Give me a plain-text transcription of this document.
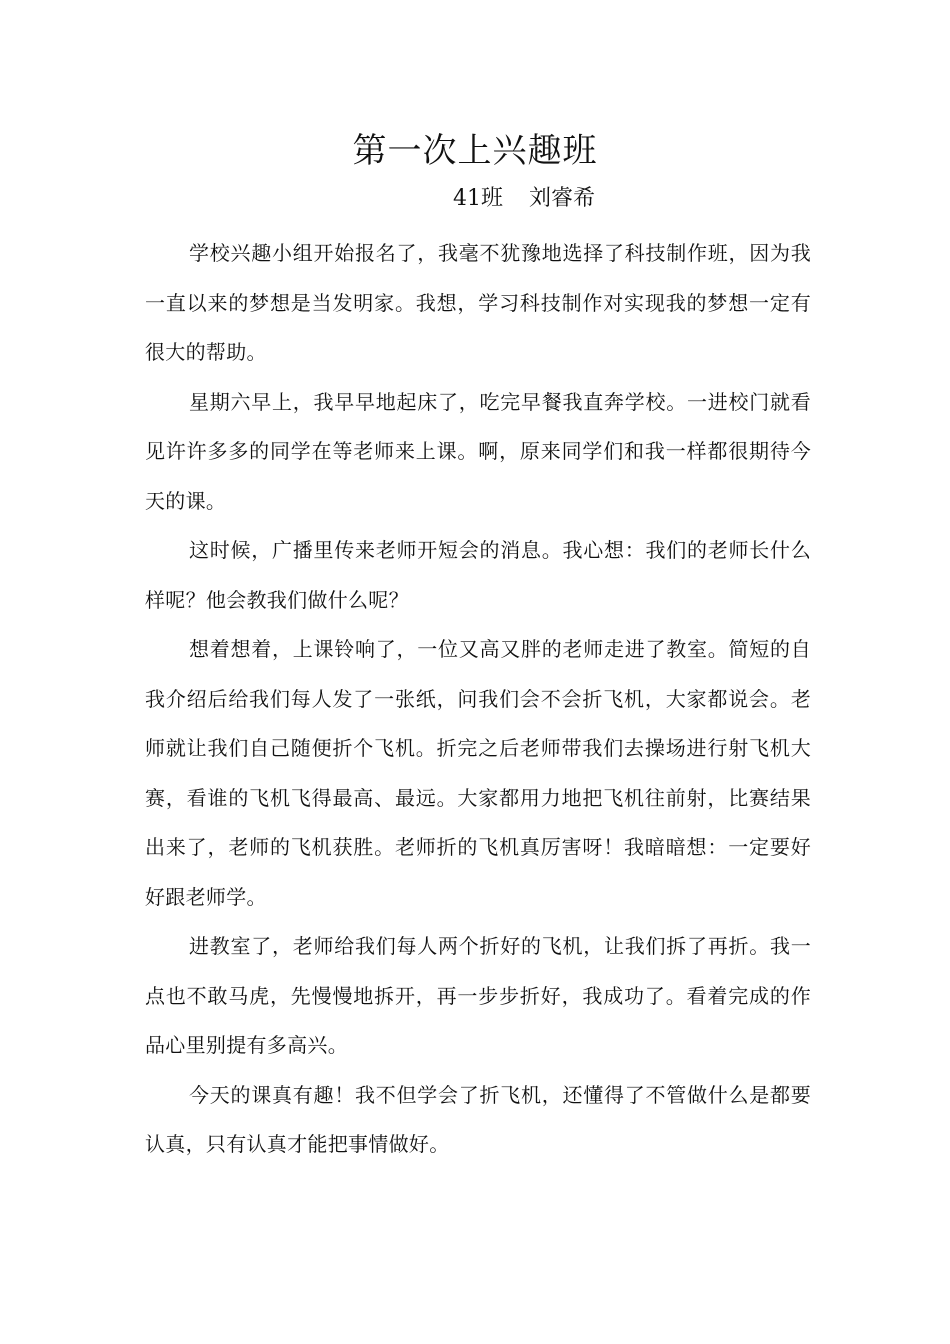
第一次上兴趣班
41班 刘睿希

学校兴趣小组开始报名了，我毫不犹豫地选择了科技制作班，因为我一直以来的梦想是当发明家。我想，学习科技制作对实现我的梦想一定有很大的帮助。

星期六早上，我早早地起床了，吃完早餐我直奔学校。一进校门就看见许许多多的同学在等老师来上课。啊，原来同学们和我一样都很期待今天的课。

这时候，广播里传来老师开短会的消息。我心想：我们的老师长什么样呢？他会教我们做什么呢？

想着想着，上课铃响了，一位又高又胖的老师走进了教室。简短的自我介绍后给我们每人发了一张纸，问我们会不会折飞机，大家都说会。老师就让我们自己随便折个飞机。折完之后老师带我们去操场进行射飞机大赛，看谁的飞机飞得最高、最远。大家都用力地把飞机往前射，比赛结果出来了，老师的飞机获胜。老师折的飞机真厉害呀！我暗暗想：一定要好好跟老师学。

进教室了，老师给我们每人两个折好的飞机，让我们拆了再折。我一点也不敢马虎，先慢慢地拆开，再一步步折好，我成功了。看着完成的作品心里别提有多高兴。

今天的课真有趣！我不但学会了折飞机，还懂得了不管做什么是都要认真，只有认真才能把事情做好。
